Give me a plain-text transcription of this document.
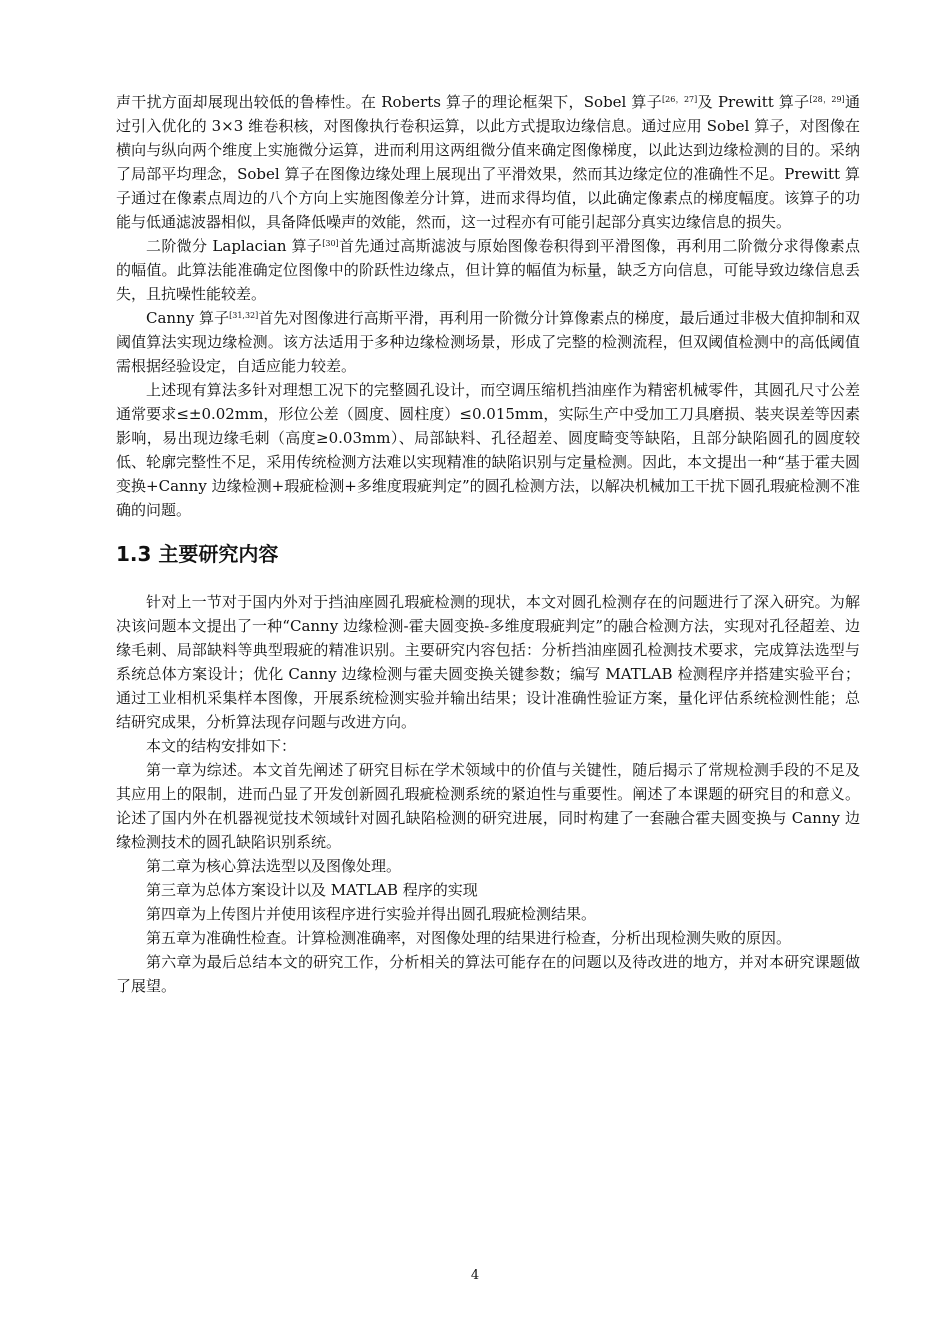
声干扰方面却展现出较低的鲁棒性。在 Roberts 算子的理论框架下，Sobel 算子[26，27]及 Prewitt 算子[28，29]通过引入优化的 3×3 维卷积核，对图像执行卷积运算，以此方式提取边缘信息。通过应用 Sobel 算子，对图像在横向与纵向两个维度上实施微分运算，进而利用这两组微分值来确定图像梯度，以此达到边缘检测的目的。采纳了局部平均理念，Sobel 算子在图像边缘处理上展现出了平滑效果，然而其边缘定位的准确性不足。Prewitt 算子通过在像素点周边的八个方向上实施图像差分计算，进而求得均值，以此确定像素点的梯度幅度。该算子的功能与低通滤波器相似，具备降低噪声的效能，然而，这一过程亦有可能引起部分真实边缘信息的损失。

二阶微分 Laplacian 算子[30]首先通过高斯滤波与原始图像卷积得到平滑图像，再利用二阶微分求得像素点的幅值。此算法能准确定位图像中的阶跃性边缘点，但计算的幅值为标量，缺乏方向信息，可能导致边缘信息丢失，且抗噪性能较差。

Canny 算子[31,32]首先对图像进行高斯平滑，再利用一阶微分计算像素点的梯度，最后通过非极大值抑制和双阈值算法实现边缘检测。该方法适用于多种边缘检测场景，形成了完整的检测流程，但双阈值检测中的高低阈值需根据经验设定，自适应能力较差。

上述现有算法多针对理想工况下的完整圆孔设计，而空调压缩机挡油座作为精密机械零件，其圆孔尺寸公差通常要求≤±0.02mm，形位公差（圆度、圆柱度）≤0.015mm，实际生产中受加工刀具磨损、装夹误差等因素影响，易出现边缘毛刺（高度≥0.03mm）、局部缺料、孔径超差、圆度畸变等缺陷，且部分缺陷圆孔的圆度较低、轮廓完整性不足，采用传统检测方法难以实现精准的缺陷识别与定量检测。因此，本文提出一种“基于霍夫圆变换+Canny 边缘检测+瑕疵检测+多维度瑕疵判定”的圆孔检测方法，以解决机械加工干扰下圆孔瑕疵检测不准确的问题。

1.3 主要研究内容

针对上一节对于国内外对于挡油座圆孔瑕疵检测的现状，本文对圆孔检测存在的问题进行了深入研究。为解决该问题本文提出了一种“Canny 边缘检测-霍夫圆变换-多维度瑕疵判定”的融合检测方法，实现对孔径超差、边缘毛刺、局部缺料等典型瑕疵的精准识别。主要研究内容包括：分析挡油座圆孔检测技术要求，完成算法选型与系统总体方案设计；优化 Canny 边缘检测与霍夫圆变换关键参数；编写 MATLAB 检测程序并搭建实验平台；通过工业相机采集样本图像，开展系统检测实验并输出结果；设计准确性验证方案，量化评估系统检测性能；总结研究成果，分析算法现存问题与改进方向。

本文的结构安排如下：

第一章为综述。本文首先阐述了研究目标在学术领域中的价值与关键性，随后揭示了常规检测手段的不足及其应用上的限制，进而凸显了开发创新圆孔瑕疵检测系统的紧迫性与重要性。阐述了本课题的研究目的和意义。论述了国内外在机器视觉技术领域针对圆孔缺陷检测的研究进展，同时构建了一套融合霍夫圆变换与 Canny 边缘检测技术的圆孔缺陷识别系统。

第二章为核心算法选型以及图像处理。

第三章为总体方案设计以及 MATLAB 程序的实现

第四章为上传图片并使用该程序进行实验并得出圆孔瑕疵检测结果。

第五章为准确性检查。计算检测准确率，对图像处理的结果进行检查，分析出现检测失败的原因。

第六章为最后总结本文的研究工作，分析相关的算法可能存在的问题以及待改进的地方，并对本研究课题做了展望。

4
